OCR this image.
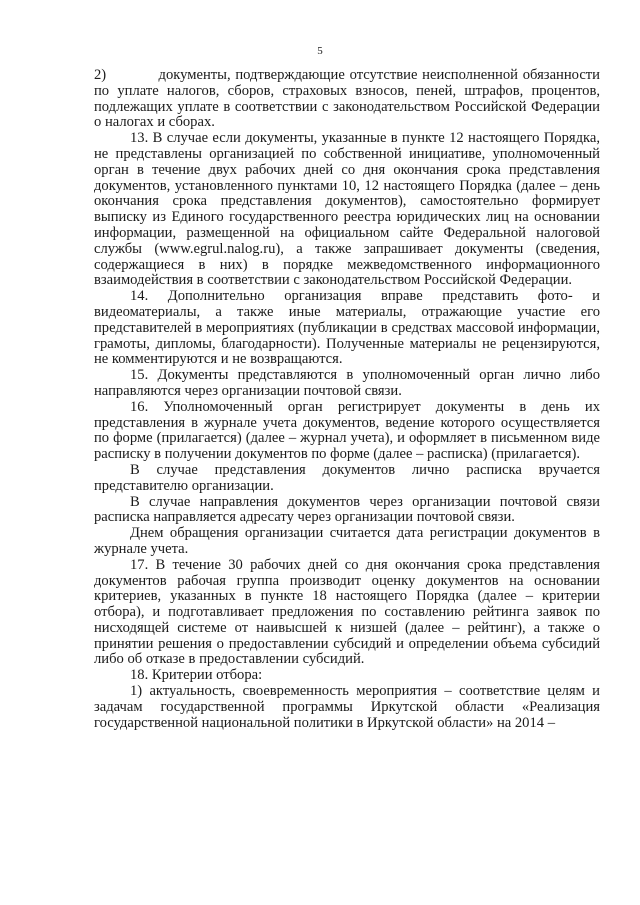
5

2)           документы, подтверждающие отсутствие неисполненной обязанности по уплате налогов, сборов, страховых взносов, пеней, штрафов, процентов, подлежащих уплате в соответствии с законодательством Российской Федерации о налогах и сборах.

13. В случае если документы, указанные в пункте 12 настоящего Порядка, не представлены организацией по собственной инициативе, уполномоченный орган в течение двух рабочих дней со дня окончания срока представления документов, установленного пунктами 10, 12 настоящего Порядка (далее – день окончания срока представления документов), самостоятельно формирует выписку из Единого государственного реестра юридических лиц на основании информации, размещенной на официальном сайте Федеральной налоговой службы (www.egrul.nalog.ru), а также запрашивает документы (сведения, содержащиеся в них) в порядке межведомственного информационного взаимодействия в соответствии с законодательством Российской Федерации.

14. Дополнительно организация вправе представить фото- и видеоматериалы, а также иные материалы, отражающие участие его представителей в мероприятиях (публикации в средствах массовой информации, грамоты, дипломы, благодарности). Полученные материалы не рецензируются, не комментируются и не возвращаются.

15. Документы представляются в уполномоченный орган лично либо направляются через организации почтовой связи.

16. Уполномоченный орган регистрирует документы в день их представления в журнале учета документов, ведение которого осуществляется по форме (прилагается) (далее – журнал учета), и оформляет в письменном виде расписку в получении документов по форме (далее – расписка) (прилагается).

В случае представления документов лично расписка вручается представителю организации.

В случае направления документов через организации почтовой связи расписка направляется адресату через организации почтовой связи.

Днем обращения организации считается дата регистрации документов в журнале учета.

17. В течение 30 рабочих дней со дня окончания срока представления документов рабочая группа производит оценку документов на основании критериев, указанных в пункте 18 настоящего Порядка (далее – критерии отбора), и подготавливает предложения по составлению рейтинга заявок по нисходящей системе от наивысшей к низшей (далее – рейтинг), а также о принятии решения о предоставлении субсидий и определении объема субсидий либо об отказе в предоставлении субсидий.

18. Критерии отбора:

1) актуальность, своевременность мероприятия – соответствие целям и задачам государственной программы Иркутской области «Реализация государственной национальной политики в Иркутской области» на 2014 –
